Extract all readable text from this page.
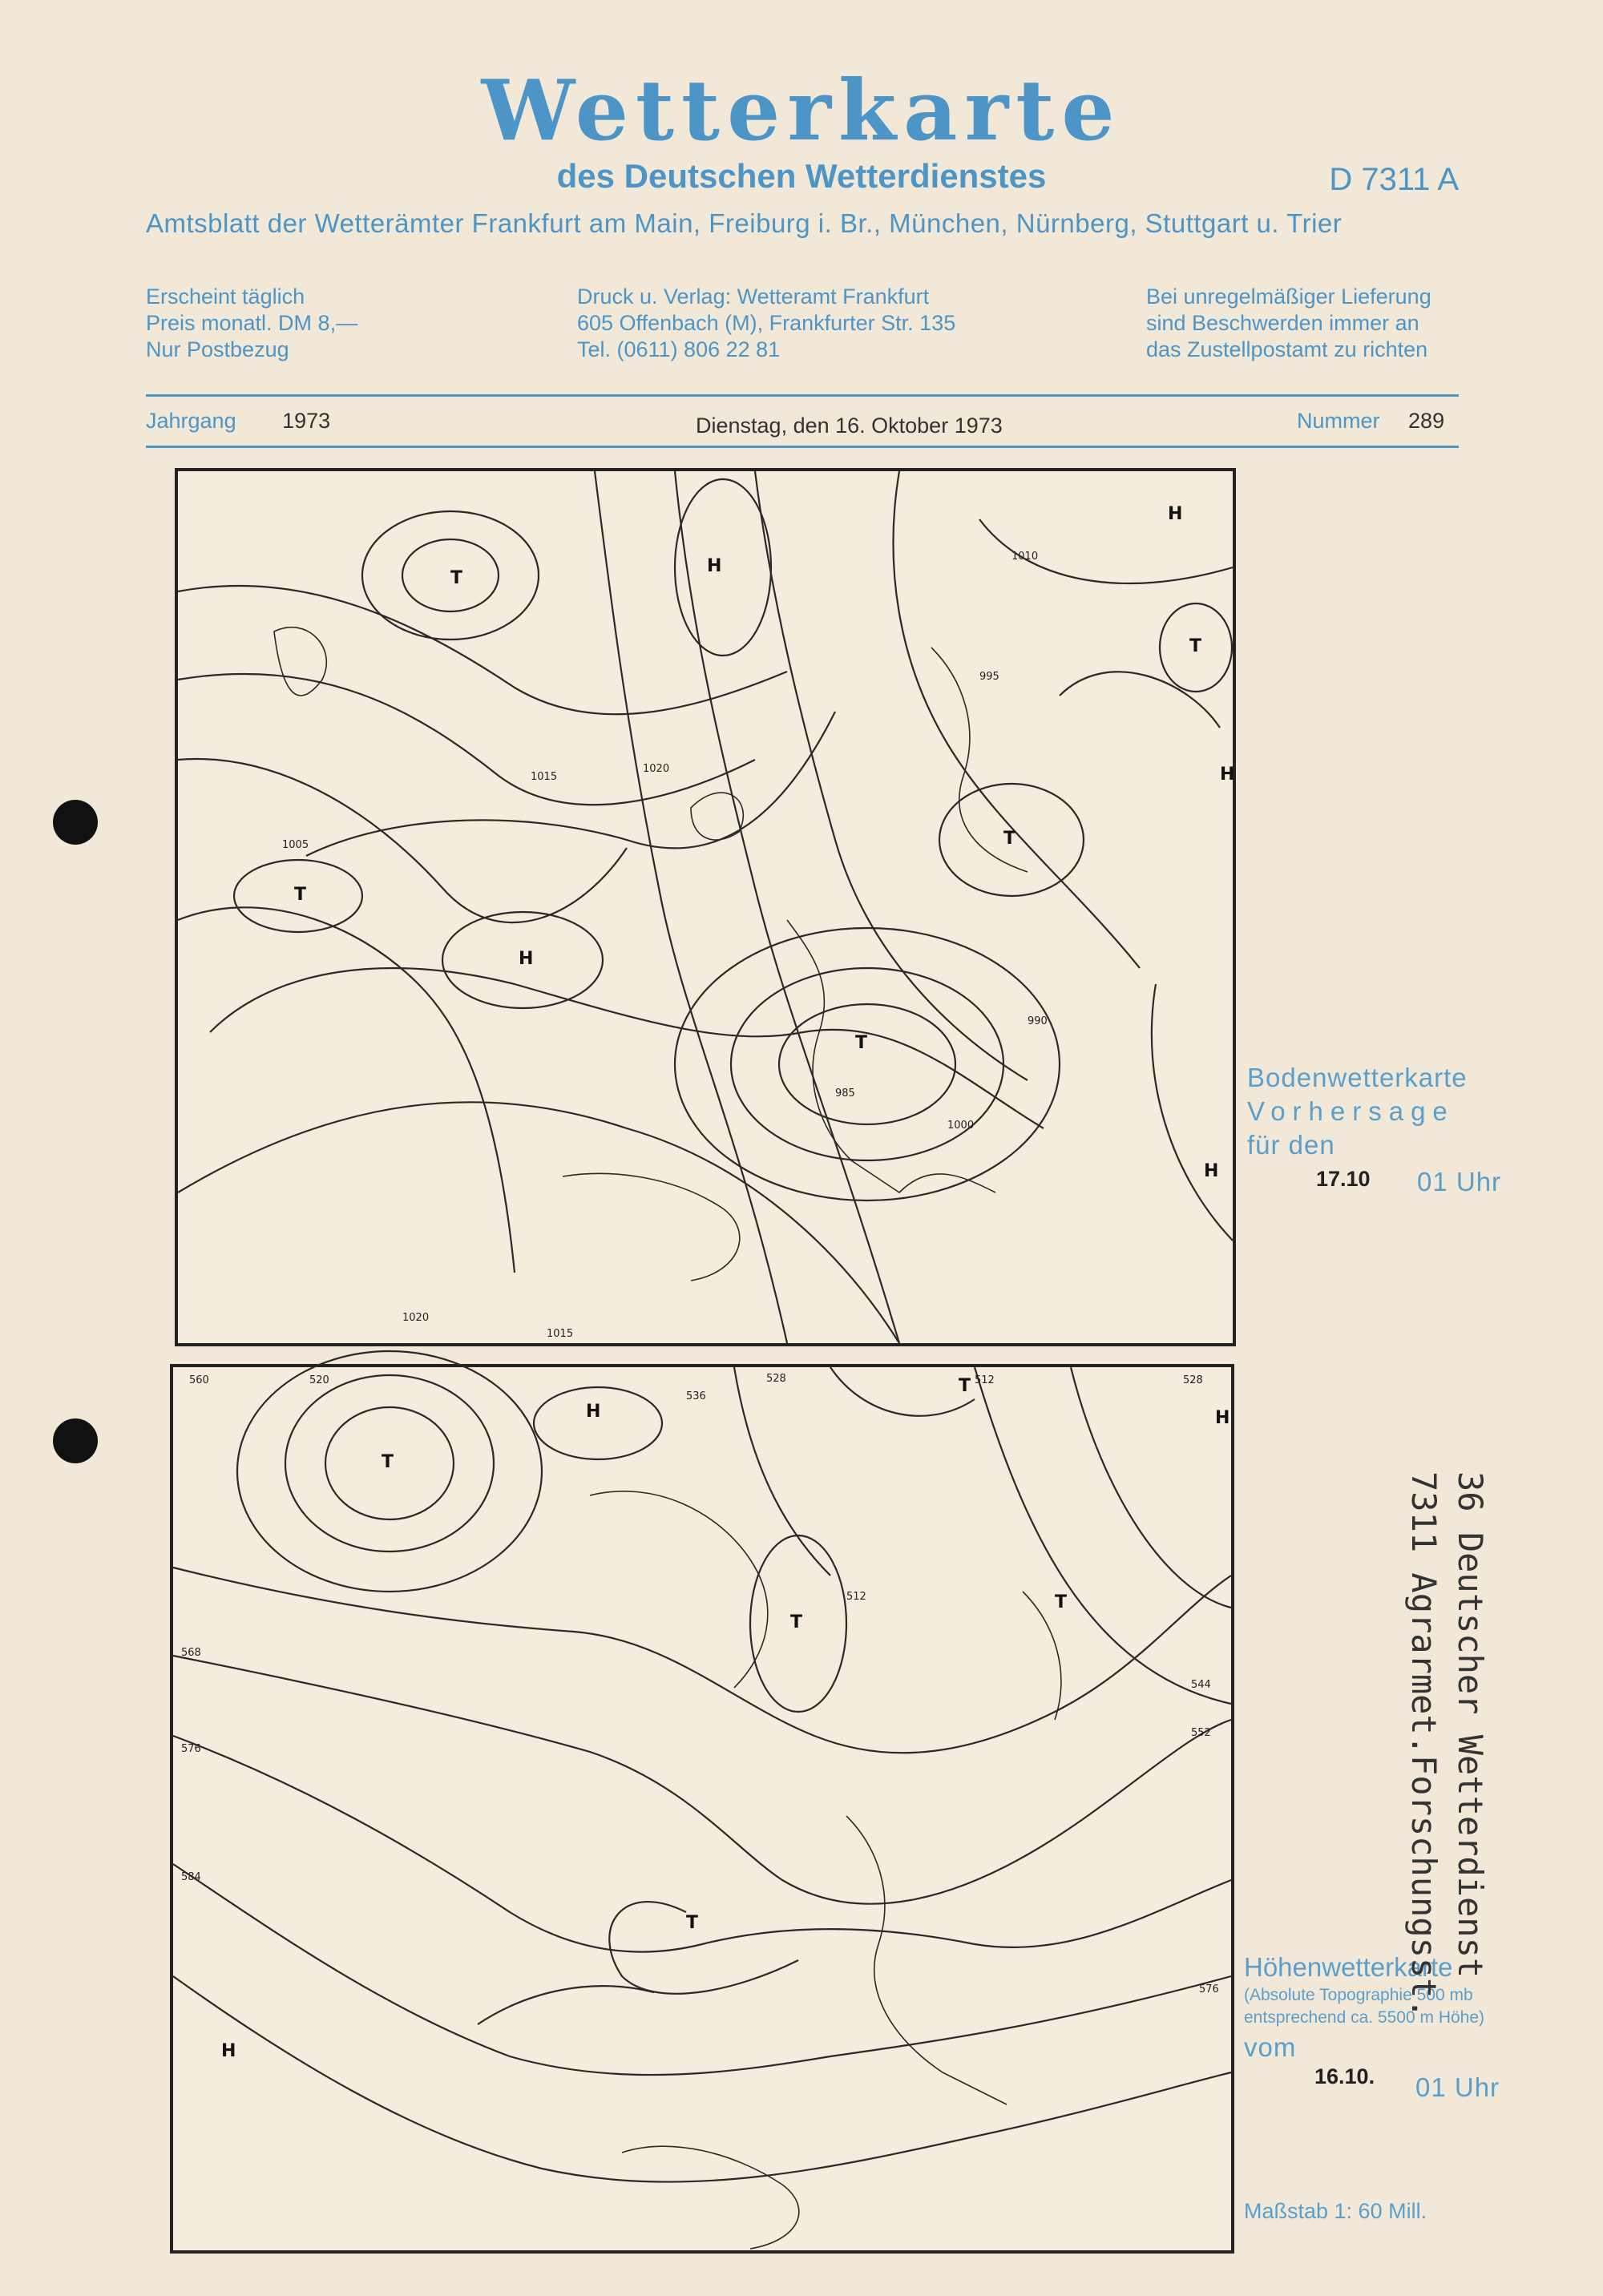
Wetterkarte
des Deutschen Wetterdienstes	D 7311 A
Amtsblatt der Wetterämter Frankfurt am Main, Freiburg i. Br., München, Nürnberg, Stuttgart u. Trier
Erscheint täglich
Preis monatl. DM 8,—
Nur Postbezug
Druck u. Verlag: Wetteramt Frankfurt
605 Offenbach (M), Frankfurter Str. 135
Tel. (0611) 806 22 81
Bei unregelmäßiger Lieferung
sind Beschwerden immer an
das Zustellpostamt zu richten
Jahrgang 1973	Dienstag, den 16. Oktober 1973	Nummer 289
H
H
H
H
H
T
T
T
T
T
1015
1020
1005
1010
985
990
1000
995
1015
1020
Bodenwetterkarte
Vorhersage
für den
17.10 01 Uhr
H	H
H
T
T
T
T
T
560	520	528
568
576
584
544
552
576
512
536
512	528
Höhenwetterkarte
(Absolute Topographie 500 mb
entsprechend ca. 5500 m Höhe)
vom
16.10. 01 Uhr
Maßstab 1: 60 Mill.
36 Deutscher Wetterdienst
7311 Agrarmet.Forschungsst.
